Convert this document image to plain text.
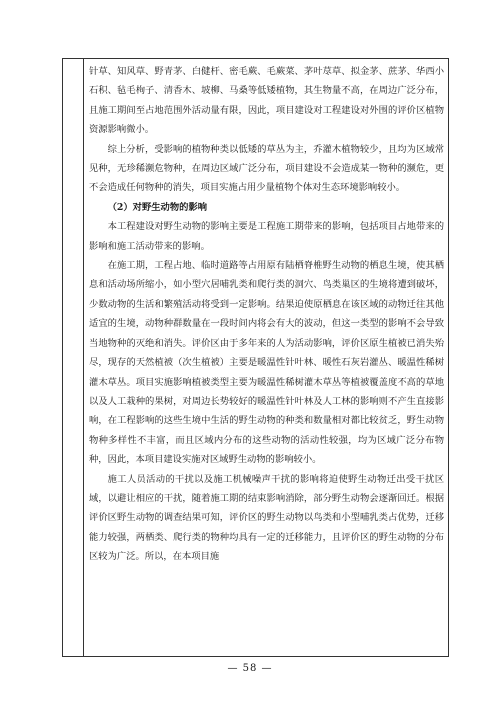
针草、知风草、野青茅、白健杆、密毛蕨、毛蕨菜、茅叶荩草、拟金茅、蔗茅、华西小石积、毡毛栒子、清香木、坡柳、马桑等低矮植物，其生物量不高，在周边广泛分布，且施工期间至占地范围外活动量有限，因此，项目建设对工程建设对外围的评价区植物资源影响微小。

综上分析，受影响的植物种类以低矮的草丛为主，乔灌木植物较少，且均为区域常见种，无珍稀濒危物种，在周边区域广泛分布，项目建设不会造成某一物种的濒危，更不会造成任何物种的消失，项目实施占用少量植物个体对生态环境影响较小。

（2）对野生动物的影响

本工程建设对野生动物的影响主要是工程施工期带来的影响，包括项目占地带来的影响和施工活动带来的影响。

在施工期，工程占地、临时道路等占用原有陆栖脊椎野生动物的栖息生境，使其栖息和活动场所缩小，如小型穴居哺乳类和爬行类的洞穴、鸟类巢区的生境将遭到破坏，少数动物的生活和繁殖活动将受到一定影响。结果迫使原栖息在该区域的动物迁往其他适宜的生境，动物种群数量在一段时间内将会有大的波动，但这一类型的影响不会导致当地物种的灭绝和消失。评价区由于多年来的人为活动影响，评价区原生植被已消失殆尽，现存的天然植被（次生植被）主要是暖温性针叶林、暖性石灰岩灌丛、暖温性稀树灌木草丛。项目实施影响植被类型主要为暖温性稀树灌木草丛等植被覆盖度不高的草地以及人工栽种的果树，对周边长势较好的暖温性针叶林及人工林的影响则不产生直接影响，在工程影响的这些生境中生活的野生动物的种类和数量相对都比较贫乏，野生动物物种多样性不丰富，而且区域内分布的这些动物的活动性较强，均为区域广泛分布物种，因此，本项目建设实施对区域野生动物的影响较小。

施工人员活动的干扰以及施工机械噪声干扰的影响将迫使野生动物迁出受干扰区域，以避让相应的干扰，随着施工期的结束影响消除，部分野生动物会逐渐回迁。根据评价区野生动物的调查结果可知，评价区的野生动物以鸟类和小型哺乳类占优势，迁移能力较强，两栖类、爬行类的物种均具有一定的迁移能力，且评价区的野生动物的分布区较为广泛。所以，在本项目施

— 58 —
